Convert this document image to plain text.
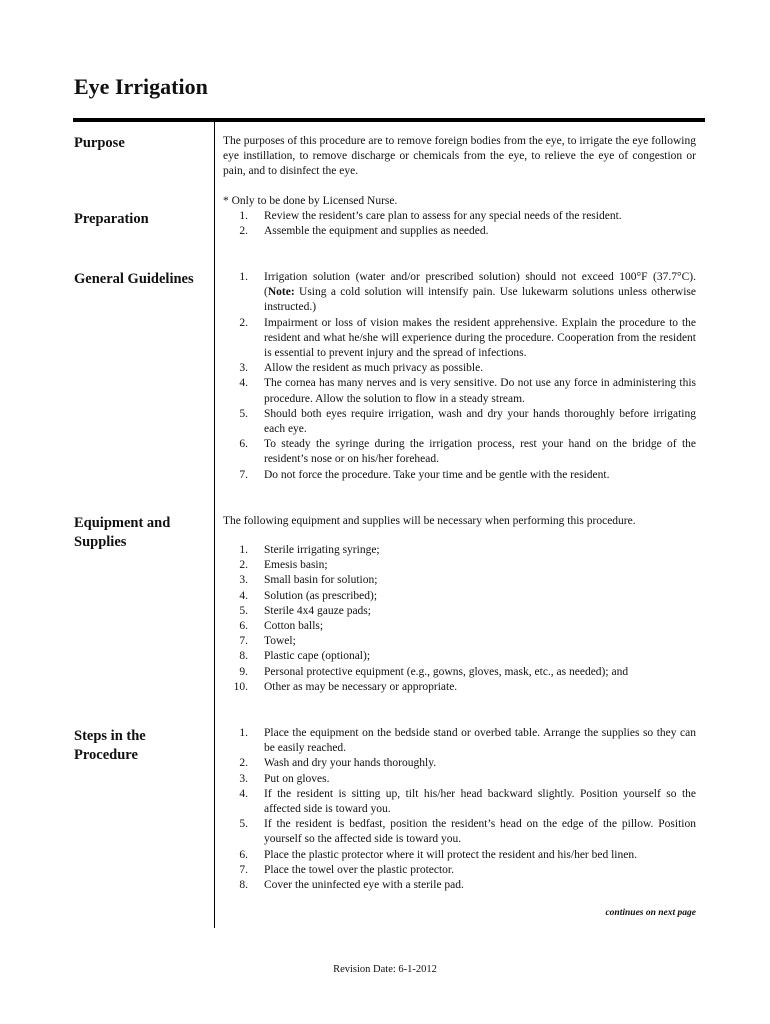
Eye Irrigation
Purpose	The purposes of this procedure are to remove foreign bodies from the eye, to irrigate the eye following eye instillation, to remove discharge or chemicals from the eye, to relieve the eye of congestion or pain, and to disinfect the eye.
Preparation
* Only to be done by Licensed Nurse.
1. Review the resident’s care plan to assess for any special needs of the resident.
2. Assemble the equipment and supplies as needed.
General Guidelines	1. Irrigation solution (water and/or prescribed solution) should not exceed 100°F (37.7°C). (Note: Using a cold solution will intensify pain. Use lukewarm solutions unless otherwise instructed.)
2. Impairment or loss of vision makes the resident apprehensive. Explain the procedure to the resident and what he/she will experience during the procedure. Cooperation from the resident is essential to prevent injury and the spread of infections.
3. Allow the resident as much privacy as possible.
4. The cornea has many nerves and is very sensitive. Do not use any force in administering this procedure. Allow the solution to flow in a steady stream.
5. Should both eyes require irrigation, wash and dry your hands thoroughly before irrigating each eye.
6. To steady the syringe during the irrigation process, rest your hand on the bridge of the resident’s nose or on his/her forehead.
7. Do not force the procedure. Take your time and be gentle with the resident.
Equipment and Supplies
The following equipment and supplies will be necessary when performing this procedure.
1. Sterile irrigating syringe;
2. Emesis basin;
3. Small basin for solution;
4. Solution (as prescribed);
5. Sterile 4x4 gauze pads;
6. Cotton balls;
7. Towel;
8. Plastic cape (optional);
9. Personal protective equipment (e.g., gowns, gloves, mask, etc., as needed); and
10. Other as may be necessary or appropriate.
Steps in the Procedure
1. Place the equipment on the bedside stand or overbed table. Arrange the supplies so they can be easily reached.
2. Wash and dry your hands thoroughly.
3. Put on gloves.
4. If the resident is sitting up, tilt his/her head backward slightly. Position yourself so the affected side is toward you.
5. If the resident is bedfast, position the resident’s head on the edge of the pillow. Position yourself so the affected side is toward you.
6. Place the plastic protector where it will protect the resident and his/her bed linen.
7. Place the towel over the plastic protector.
8. Cover the uninfected eye with a sterile pad.
continues on next page
Revision Date: 6-1-2012
